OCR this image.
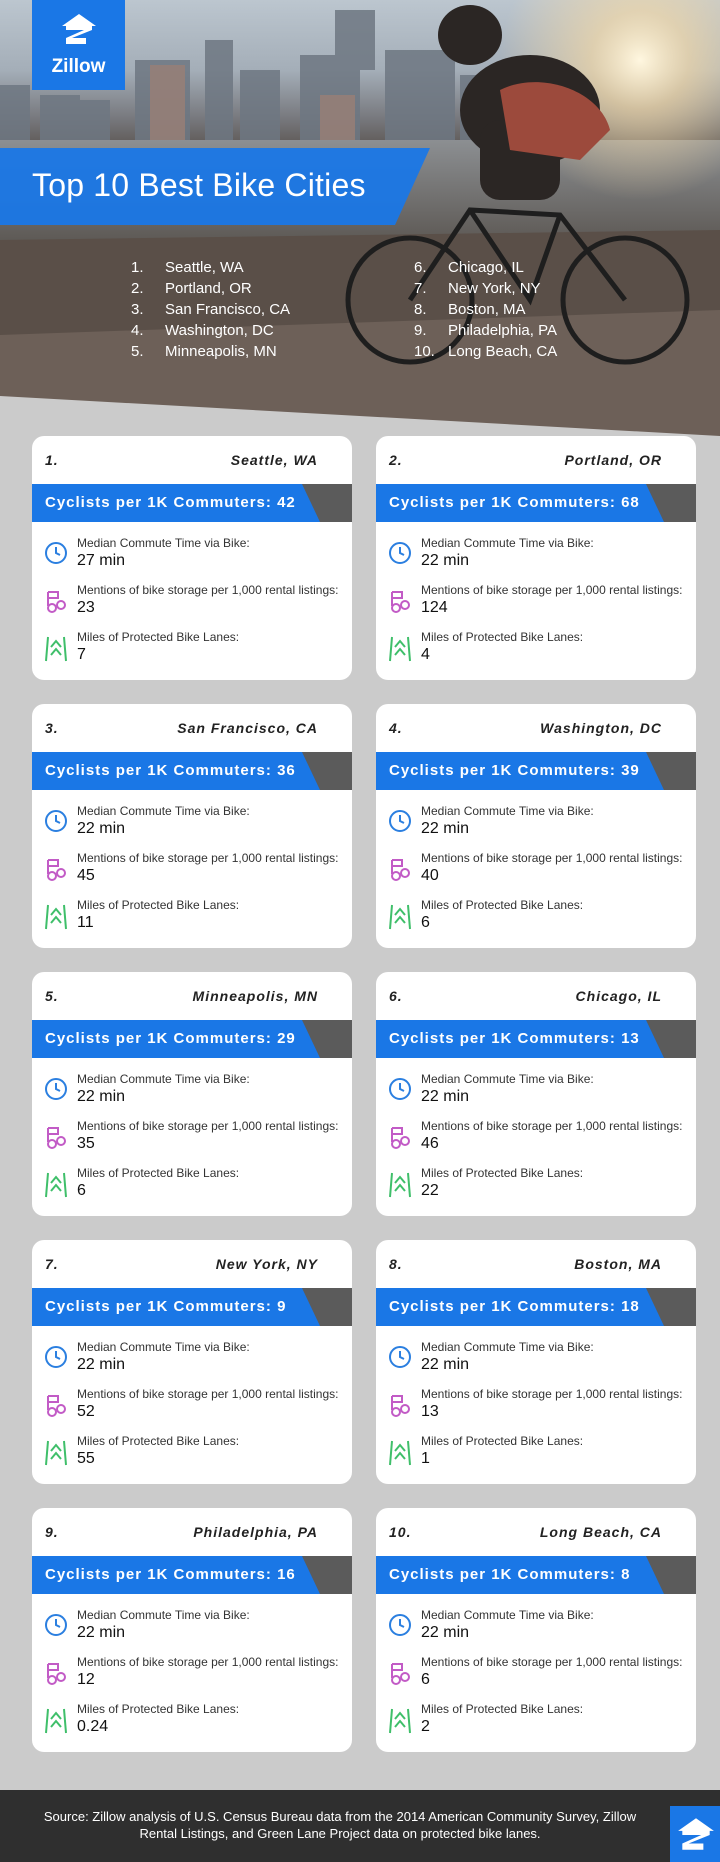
Zillow
Top 10 Best Bike Cities
1. Seattle, WA
2. Portland, OR
3. San Francisco, CA
4. Washington, DC
5. Minneapolis, MN
6. Chicago, IL
7. New York, NY
8. Boston, MA
9. Philadelphia, PA
10. Long Beach, CA
1.	Seattle, WA
Cyclists per 1K Commuters: 42
Median Commute Time via Bike:
27 min
Mentions of bike storage per 1,000 rental listings:
23
Miles of Protected Bike Lanes:
7
2.	Portland, OR
Cyclists per 1K Commuters: 68
Median Commute Time via Bike:
22 min
Mentions of bike storage per 1,000 rental listings:
124
Miles of Protected Bike Lanes:
4
3.	San Francisco, CA
Cyclists per 1K Commuters: 36
Median Commute Time via Bike:
22 min
Mentions of bike storage per 1,000 rental listings:
45
Miles of Protected Bike Lanes:
11
4.	Washington, DC
Cyclists per 1K Commuters: 39
Median Commute Time via Bike:
22 min
Mentions of bike storage per 1,000 rental listings:
40
Miles of Protected Bike Lanes:
6
5.	Minneapolis, MN
Cyclists per 1K Commuters: 29
Median Commute Time via Bike:
22 min
Mentions of bike storage per 1,000 rental listings:
35
Miles of Protected Bike Lanes:
6
6.	Chicago, IL
Cyclists per 1K Commuters: 13
Median Commute Time via Bike:
22 min
Mentions of bike storage per 1,000 rental listings:
46
Miles of Protected Bike Lanes:
22
7.	New York, NY
Cyclists per 1K Commuters: 9
Median Commute Time via Bike:
22 min
Mentions of bike storage per 1,000 rental listings:
52
Miles of Protected Bike Lanes:
55
8.	Boston, MA
Cyclists per 1K Commuters: 18
Median Commute Time via Bike:
22 min
Mentions of bike storage per 1,000 rental listings:
13
Miles of Protected Bike Lanes:
1
9.	Philadelphia, PA
Cyclists per 1K Commuters: 16
Median Commute Time via Bike:
22 min
Mentions of bike storage per 1,000 rental listings:
12
Miles of Protected Bike Lanes:
0.24
10.	Long Beach, CA
Cyclists per 1K Commuters: 8
Median Commute Time via Bike:
22 min
Mentions of bike storage per 1,000 rental listings:
6
Miles of Protected Bike Lanes:
2
Source: Zillow analysis of U.S. Census Bureau data from the 2014 American Community Survey, Zillow Rental Listings, and Green Lane Project data on protected bike lanes.
